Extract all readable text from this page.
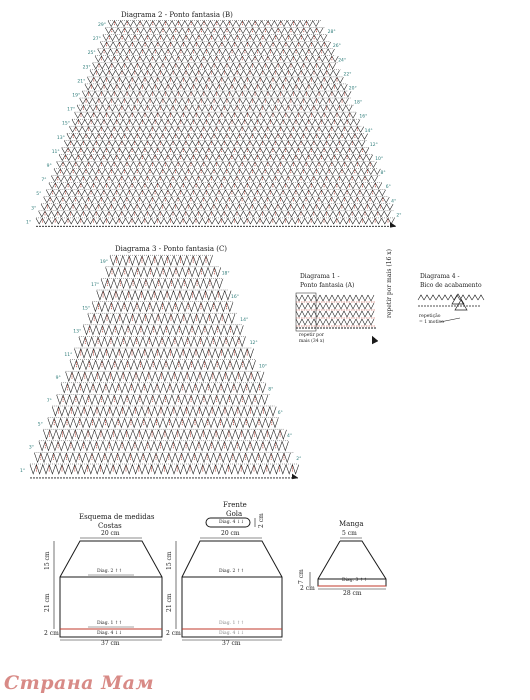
29°
28°
27°
26°
25°
24°
23°
22°
21°
20°
19°
18°
17°
16°
15°
14°
13°
12°
11°
10°
9°
8°
7°
6°
5°
4°
3°
2°
1°
19°
18°
17°
16°
15°
14°
13°
12°
11°
10°
9°
8°
7°
6°
5°
4°
3°
2°
1°
Diagrama 2 - Ponto fantasia (B)
Diagrama 3 - Ponto fantasia (C)
Diagrama 1 -
Ponto fantasia (A)	repetir por mais (16 x)
repetir por
mais (34 x)
Diagrama 4 -
Bico de acabamento
repetição
= 1 motivo
Esquema de medidas
Costas
20 cm
15 cm
21 cm
2 cm
37 cm
Diag. 2 ↑↑
Diag. 1 ↑↑
Diag. 4 ↓↓
Frente
Gola
Diag. 4 ↓↓ 2 cm
20 cm
15 cm
21 cm
2 cm
37 cm
Diag. 2 ↑↑
Diag. 1 ↑↑
Diag. 4 ↓↓
Manga
5 cm
7 cm
2 cm
Diag. 3 ↑↑
28 cm
Страна Мам
